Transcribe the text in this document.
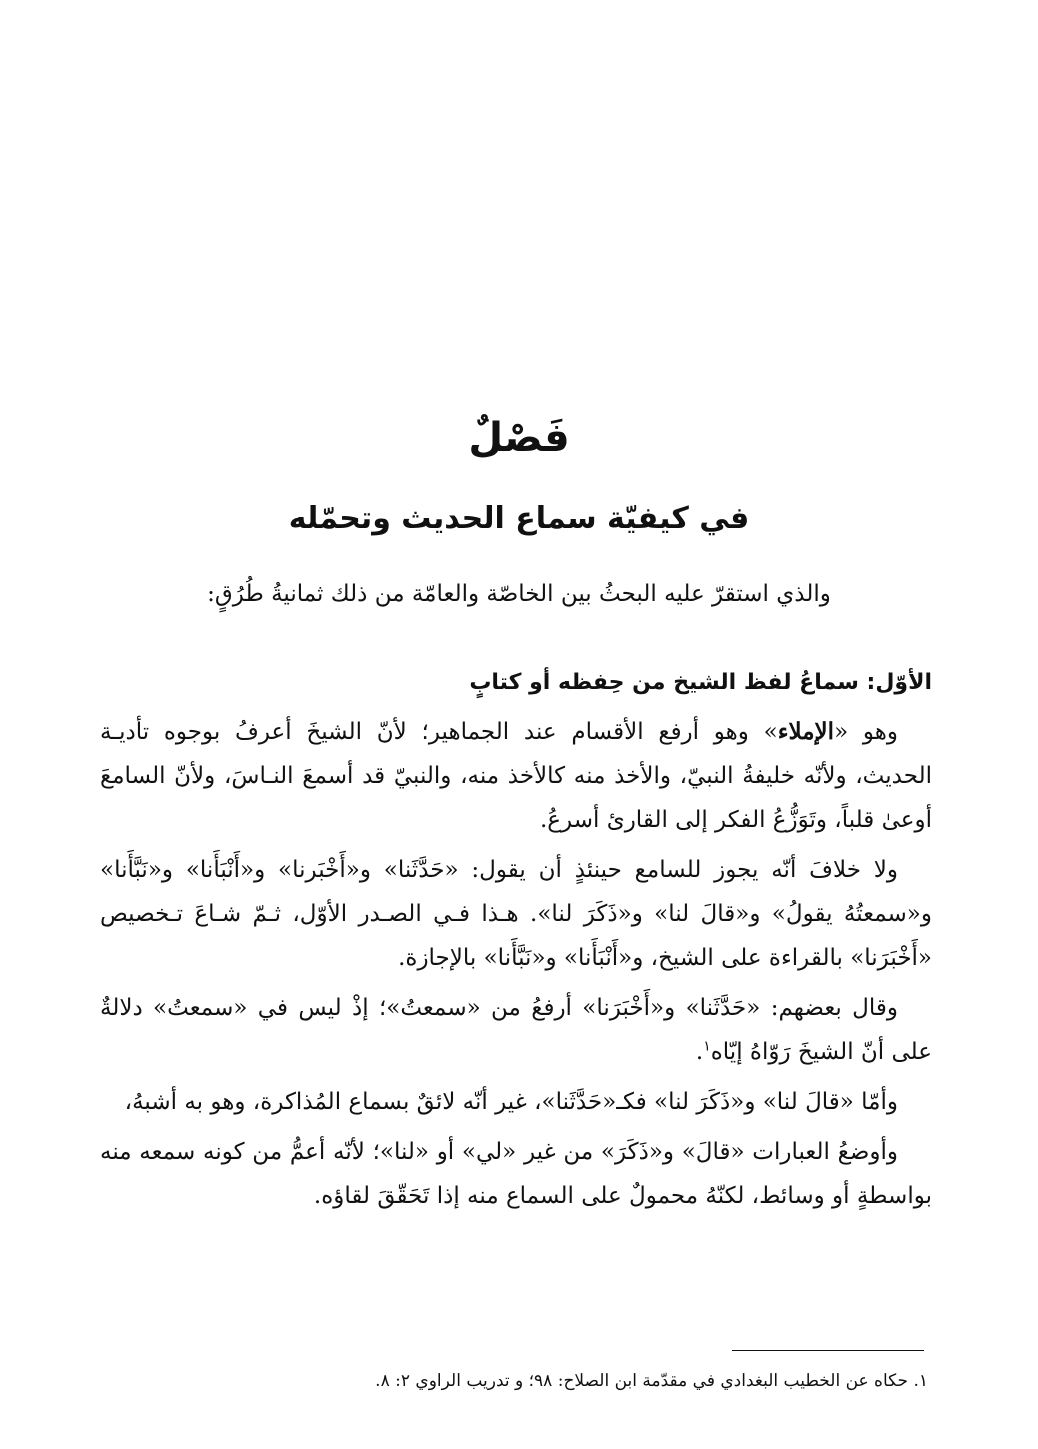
فَصْلٌ
في كيفيّة سماع الحديث وتحمّله
والذي استقرّ عليه البحثُ بين الخاصّة والعامّة من ذلك ثمانيةُ طُرُقٍ:
الأوّل: سماعُ لفظ الشيخ من حِفظه أو كتابٍ

وهو «الإملاء» وهو أرفع الأقسام عند الجماهير؛ لأنّ الشيخَ أعرفُ بوجوه تأديـة الحديث، ولأنّه خليفةُ النبيّ، والأخذ منه كالأخذ منه، والنبيّ قد أسمعَ النـاسَ، ولأنّ السامعَ أوعىٰ قلباً، وتَوَزُّعُ الفكر إلى القارئ أسرعُ.

ولا خلافَ أنّه يجوز للسامع حينئذٍ أن يقول: «حَدَّثَنا» و«أَخْبَرنا» و«أَنْبَأَنا» و«نَبَّأَنا» و«سمعتُهُ يقولُ» و«قالَ لنا» و«ذَكَرَ لنا». هـذا فـي الصـدر الأوّل، ثـمّ شـاعَ تـخصيص «أَخْبَرَنا» بالقراءة على الشيخ، و«أَنْبَأَنا» و«نَبَّأَنا» بالإجازة.

وقال بعضهم: «حَدَّثَنا» و«أَخْبَرَنا» أرفعُ من «سمعتُ»؛ إذْ ليس في «سمعتُ» دلالةٌ على أنّ الشيخَ رَوّاهُ إيّاه$^١$.

وأمّا «قالَ لنا» و«ذَكَرَ لنا» فكـ«حَدَّثَنا»، غير أنّه لائقٌ بسماع المُذاكرة، وهو به أشبهُ،

وأوضعُ العبارات «قالَ» و«ذَكَرَ» من غير «لي» أو «لنا»؛ لأنّه أعمُّ من كونه سمعه منه بواسطةٍ أو وسائط، لكنّهُ محمولٌ على السماع منه إذا تَحَقّقَ لقاؤه.

١. حكاه عن الخطيب البغدادي في مقدّمة ابن الصلاح: ٩٨؛ و تدريب الراوي ٢: ٨.
